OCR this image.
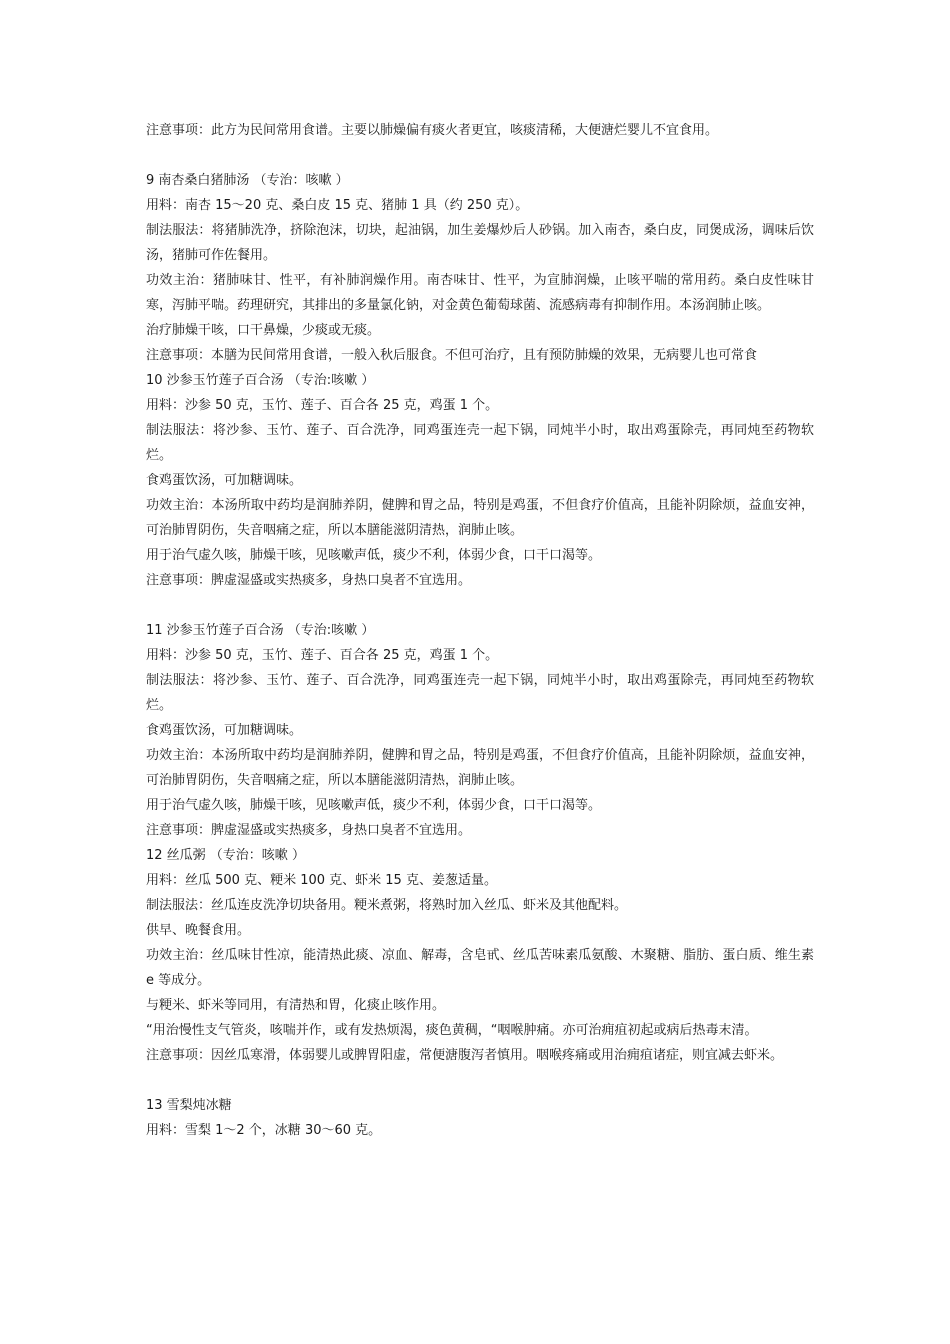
注意事项：此方为民间常用食谱。主要以肺燥偏有痰火者更宜，咳痰清稀，大便溏烂婴儿不宜食用。

9 南杏桑白猪肺汤 （专治：咳嗽 ）

用料：南杏 15～20 克、桑白皮 15 克、猪肺 1 具（约 250 克）。

制法服法：将猪肺洗净，挤除泡沫，切块，起油锅，加生姜爆炒后人砂锅。加入南杏，桑白皮，同煲成汤，调味后饮汤，猪肺可作佐餐用。

功效主治：猪肺味甘、性平，有补肺润燥作用。南杏味甘、性平，为宣肺润燥，止咳平喘的常用药。桑白皮性味甘寒，泻肺平喘。药理研究，其排出的多量氯化钠，对金黄色葡萄球菌、流感病毒有抑制作用。本汤润肺止咳。

治疗肺燥干咳，口干鼻燥，少痰或无痰。

注意事项：本膳为民间常用食谱，一般入秋后服食。不但可治疗，且有预防肺燥的效果，无病婴儿也可常食

10 沙参玉竹莲子百合汤 （专治:咳嗽 ）

用料：沙参 50 克，玉竹、莲子、百合各 25 克，鸡蛋 1 个。

制法服法：将沙参、玉竹、莲子、百合洗净，同鸡蛋连壳一起下锅，同炖半小时，取出鸡蛋除壳，再同炖至药物软烂。

食鸡蛋饮汤，可加糖调味。

功效主治：本汤所取中药均是润肺养阴，健脾和胃之品，特别是鸡蛋，不但食疗价值高，且能补阴除烦，益血安神，可治肺胃阴伤，失音咽痛之症，所以本膳能滋阴清热，润肺止咳。

用于治气虚久咳，肺燥干咳，见咳嗽声低，痰少不利，体弱少食，口干口渴等。

注意事项：脾虚湿盛或实热痰多，身热口臭者不宜选用。

11 沙参玉竹莲子百合汤 （专治:咳嗽 ）

用料：沙参 50 克，玉竹、莲子、百合各 25 克，鸡蛋 1 个。

制法服法：将沙参、玉竹、莲子、百合洗净，同鸡蛋连壳一起下锅，同炖半小时，取出鸡蛋除壳，再同炖至药物软烂。

食鸡蛋饮汤，可加糖调味。

功效主治：本汤所取中药均是润肺养阴，健脾和胃之品，特别是鸡蛋，不但食疗价值高，且能补阴除烦，益血安神，可治肺胃阴伤，失音咽痛之症，所以本膳能滋阴清热，润肺止咳。

用于治气虚久咳，肺燥干咳，见咳嗽声低，痰少不利，体弱少食，口干口渴等。

注意事项：脾虚湿盛或实热痰多，身热口臭者不宜选用。

12 丝瓜粥 （专治：咳嗽 ）

用料：丝瓜 500 克、粳米 100 克、虾米 15 克、姜葱适量。

制法服法：丝瓜连皮洗净切块备用。粳米煮粥，将熟时加入丝瓜、虾米及其他配料。

供早、晚餐食用。

功效主治：丝瓜味甘性凉，能清热此痰、凉血、解毒，含皂甙、丝瓜苦味素瓜氨酸、木聚糖、脂肪、蛋白质、维生素 e 等成分。

与粳米、虾米等同用，有清热和胃，化痰止咳作用。

“用治慢性支气管炎，咳喘并作，或有发热烦渴，痰色黄稠，“咽喉肿痛。亦可治痈疽初起或病后热毒末清。

注意事项：因丝瓜寒滑，体弱婴儿或脾胃阳虚，常便溏腹泻者慎用。咽喉疼痛或用治痈疽诸症，则宜减去虾米。

13 雪梨炖冰糖

用料：雪梨 1～2 个，冰糖 30～60 克。
